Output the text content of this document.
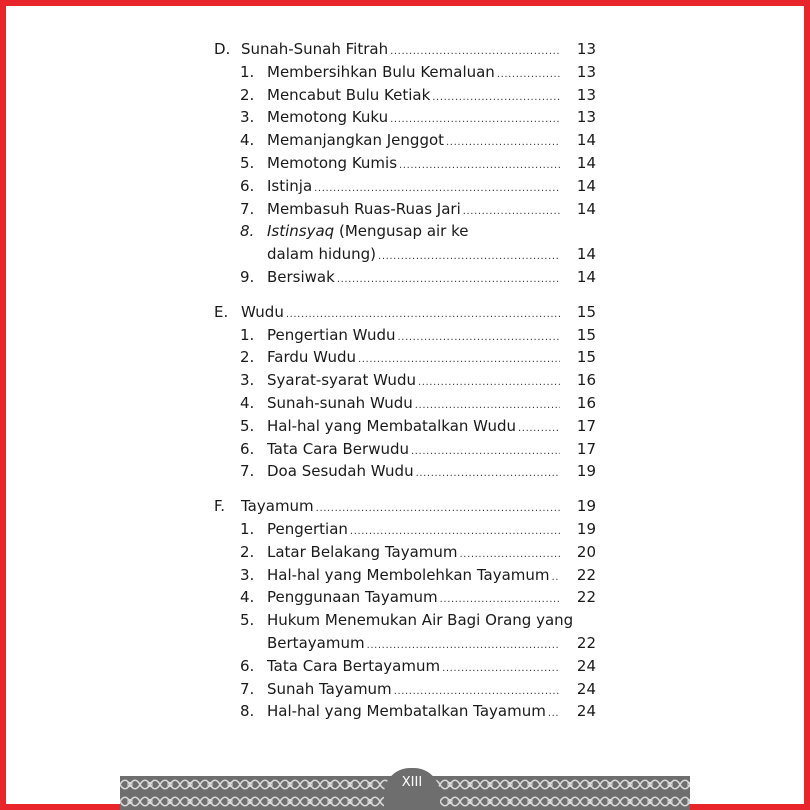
D. Sunah-Sunah Fitrah .....	13
1. Membersihkan Bulu Kemaluan .....	13
2. Mencabut Bulu Ketiak .....	13
3. Memotong Kuku .....	13
4. Memanjangkan Jenggot .....	14
5. Memotong Kumis .....	14
6. Istinja .....	14
7. Membasuh Ruas-Ruas Jari .....	14
8. Istinsyaq (Mengusap air ke
dalam hidung) .....	14
9. Bersiwak .....	14
E. Wudu .....	15
1. Pengertian Wudu .....	15
2. Fardu Wudu .....	15
3. Syarat-syarat Wudu .....	16
4. Sunah-sunah Wudu .....	16
5. Hal-hal yang Membatalkan Wudu .....	17
6. Tata Cara Berwudu .....	17
7. Doa Sesudah Wudu .....	19
F.	Tayamum .....	19
1. Pengertian .....	19
2. Latar Belakang Tayamum .....	20
3. Hal-hal yang Membolehkan Tayamum .....	22
4. Penggunaan Tayamum .....	22
5. Hukum Menemukan Air Bagi Orang yang
Bertayamum .....	22
6. Tata Cara Bertayamum .....	24
7. Sunah Tayamum .....	24
8. Hal-hal yang Membatalkan Tayamum .....	24
XIII
